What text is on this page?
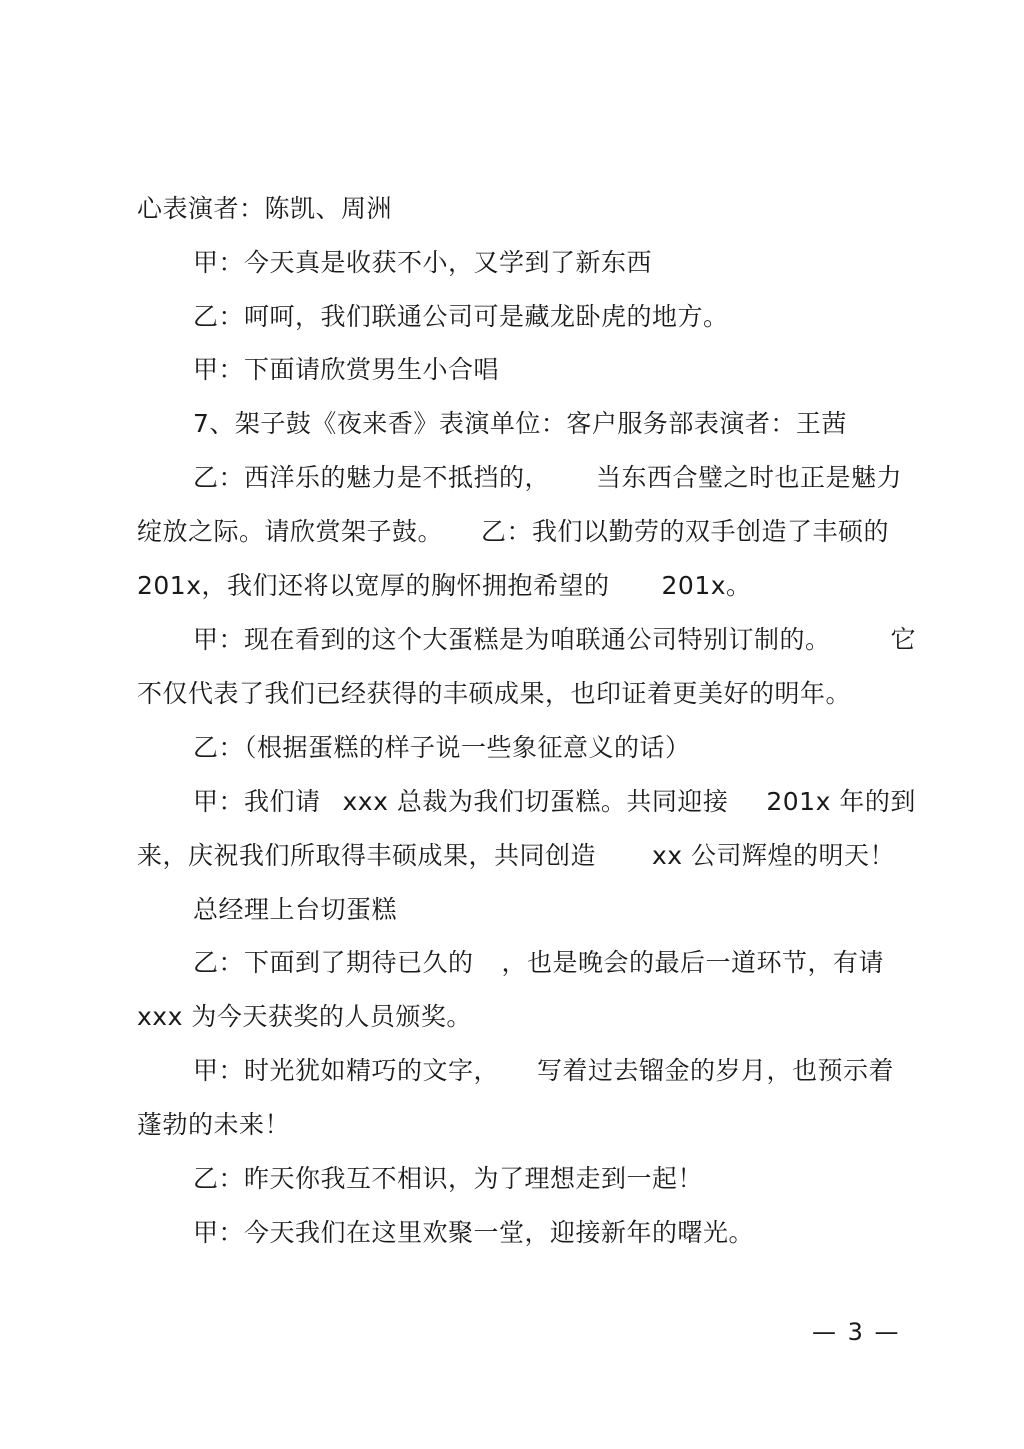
心表演者：陈凯、周洲
甲：今天真是收获不小，又学到了新东西
乙：呵呵，我们联通公司可是藏龙卧虎的地方。
甲：下面请欣赏男生小合唱
7、架子鼓《夜来香》表演单位：客户服务部表演者：王茜
乙：西洋乐的魅力是不抵挡的， 当东西合璧之时也正是魅力
绽放之际。请欣赏架子鼓。 乙：我们以勤劳的双手创造了丰硕的
201x，我们还将以宽厚的胸怀拥抱希望的 201x。
甲：现在看到的这个大蛋糕是为咱联通公司特别订制的。 它
不仅代表了我们已经获得的丰硕成果，也印证着更美好的明年。
乙：（根据蛋糕的样子说一些象征意义的话）
甲：我们请 xxx 总裁为我们切蛋糕。共同迎接 201x 年的到
来，庆祝我们所取得丰硕成果，共同创造 xx 公司辉煌的明天！
总经理上台切蛋糕
乙：下面到了期待已久的 ，也是晚会的最后一道环节，有请
xxx 为今天获奖的人员颁奖。
甲：时光犹如精巧的文字， 写着过去镏金的岁月，也预示着
蓬勃的未来！
乙：昨天你我互不相识，为了理想走到一起！
甲：今天我们在这里欢聚一堂，迎接新年的曙光。
— 3 —
